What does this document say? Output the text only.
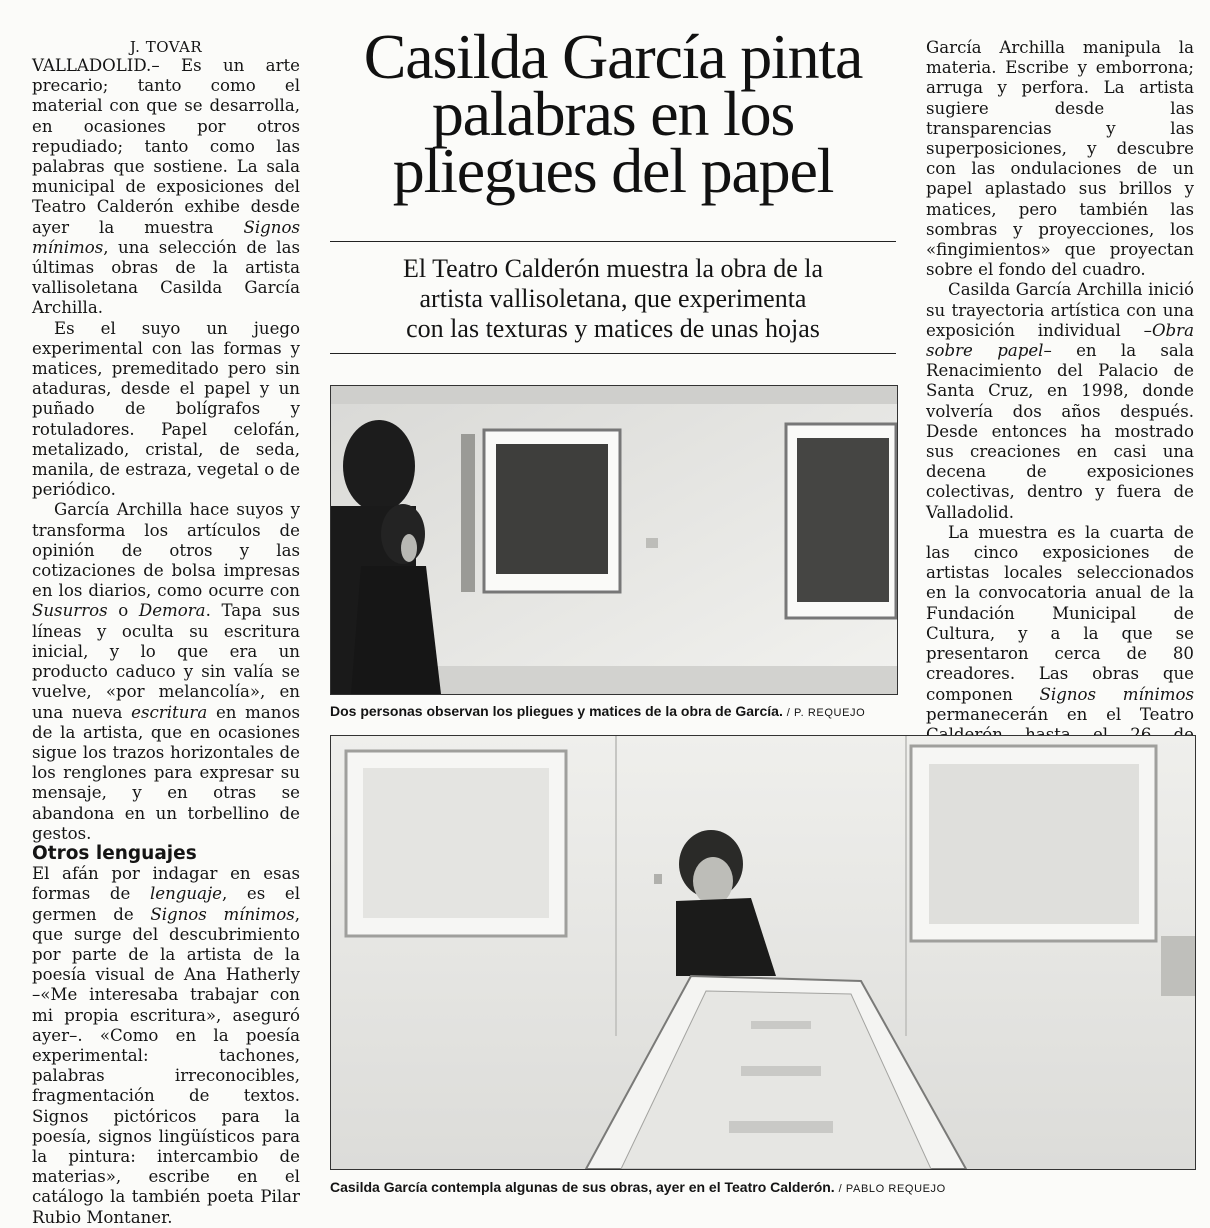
J. TOVAR

VALLADOLID.– Es un arte precario; tanto como el material con que se desarrolla, en ocasiones por otros repudiado; tanto como las palabras que sostiene. La sala municipal de exposiciones del Teatro Calderón exhibe desde ayer la muestra Signos mínimos, una selección de las últimas obras de la artista vallisoletana Casilda García Archilla.

Es el suyo un juego experimental con las formas y matices, premeditado pero sin ataduras, desde el papel y un puñado de bolígrafos y rotuladores. Papel celofán, metalizado, cristal, de seda, manila, de estraza, vegetal o de periódico.

García Archilla hace suyos y transforma los artículos de opinión de otros y las cotizaciones de bolsa impresas en los diarios, como ocurre con Susurros o Demora. Tapa sus líneas y oculta su escritura inicial, y lo que era un producto caduco y sin valía se vuelve, «por melancolía», en una nueva escritura en manos de la artista, que en ocasiones sigue los trazos horizontales de los renglones para expresar su mensaje, y en otras se abandona en un torbellino de gestos.

Otros lenguajes

El afán por indagar en esas formas de lenguaje, es el germen de Signos mínimos, que surge del descubrimiento por parte de la artista de la poesía visual de Ana Hatherly –«Me interesaba trabajar con mi propia escritura», aseguró ayer–. «Como en la poesía experimental: tachones, palabras irreconocibles, fragmentación de textos. Signos pictóricos para la poesía, signos lingüísticos para la pintura: intercambio de materias», escribe en el catálogo la también poeta Pilar Rubio Montaner.

Casilda García pinta
palabras en los
pliegues del papel
El Teatro Calderón muestra la obra de la
artista vallisoletana, que experimenta
con las texturas y matices de unas hojas
Dos personas observan los pliegues y matices de la obra de García. / P. REQUEJO

García Archilla manipula la materia. Escribe y emborrona; arruga y perfora. La artista sugiere desde las transparencias y las superposiciones, y descubre con las ondulaciones de un papel aplastado sus brillos y matices, pero también las sombras y proyecciones, los «fingimientos» que proyectan sobre el fondo del cuadro.

Casilda García Archilla inició su trayectoria artística con una exposición individual –Obra sobre papel– en la sala Renacimiento del Palacio de Santa Cruz, en 1998, donde volvería dos años después. Desde entonces ha mostrado sus creaciones en casi una decena de exposiciones colectivas, dentro y fuera de Valladolid.

La muestra es la cuarta de las cinco exposiciones de artistas locales seleccionados en la convocatoria anual de la Fundación Municipal de Cultura, y a la que se presentaron cerca de 80 creadores. Las obras que componen Signos mínimos permanecerán en el Teatro

Casilda García contempla algunas de sus obras, ayer en el Teatro Calderón. / PABLO REQUEJO
